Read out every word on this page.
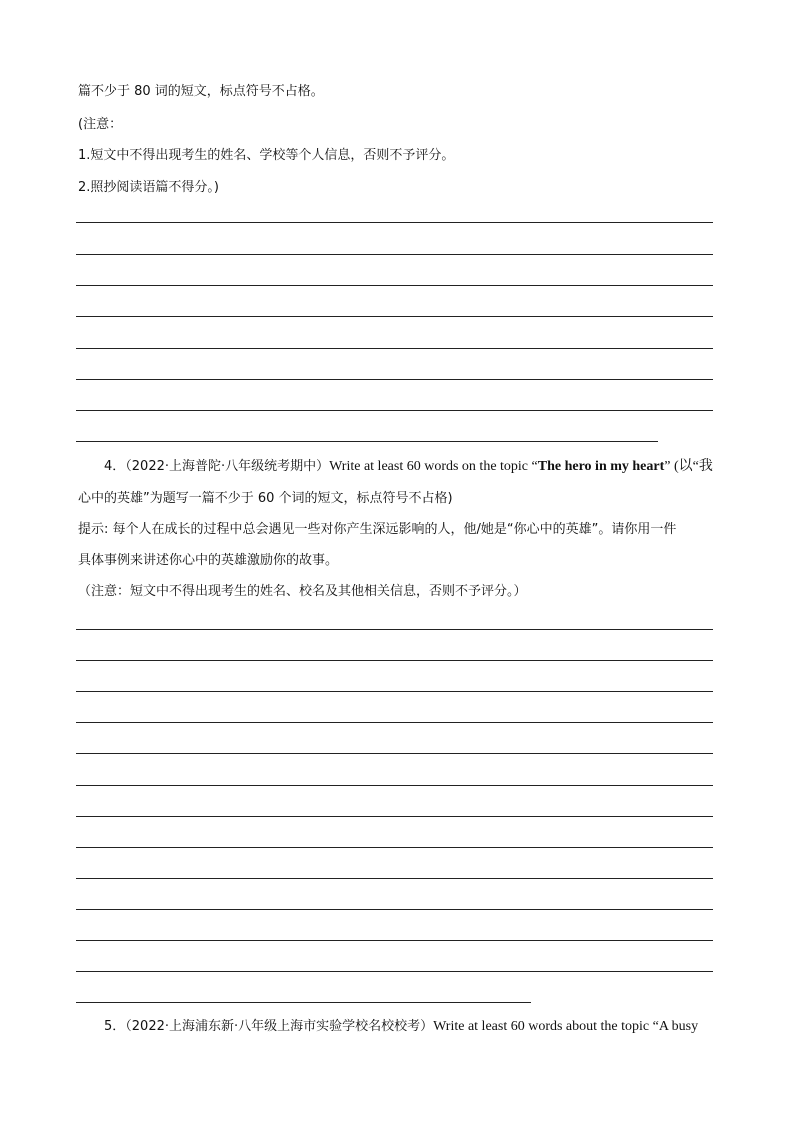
篇不少于 80 词的短文，标点符号不占格。
(注意：
1.短文中不得出现考生的姓名、学校等个人信息，否则不予评分。
2.照抄阅读语篇不得分。)
4．（2022·上海普陀·八年级统考期中）Write at least 60 words on the topic “The hero in my heart” (以“我
心中的英雄”为题写一篇不少于 60 个词的短文，标点符号不占格)
提示: 每个人在成长的过程中总会遇见一些对你产生深远影响的人，他/她是“你心中的英雄”。请你用一件
具体事例来讲述你心中的英雄激励你的故事。
（注意：短文中不得出现考生的姓名、校名及其他相关信息，否则不予评分。）
5．（2022·上海浦东新·八年级上海市实验学校名校校考）Write at least 60 words about the topic “A busy
